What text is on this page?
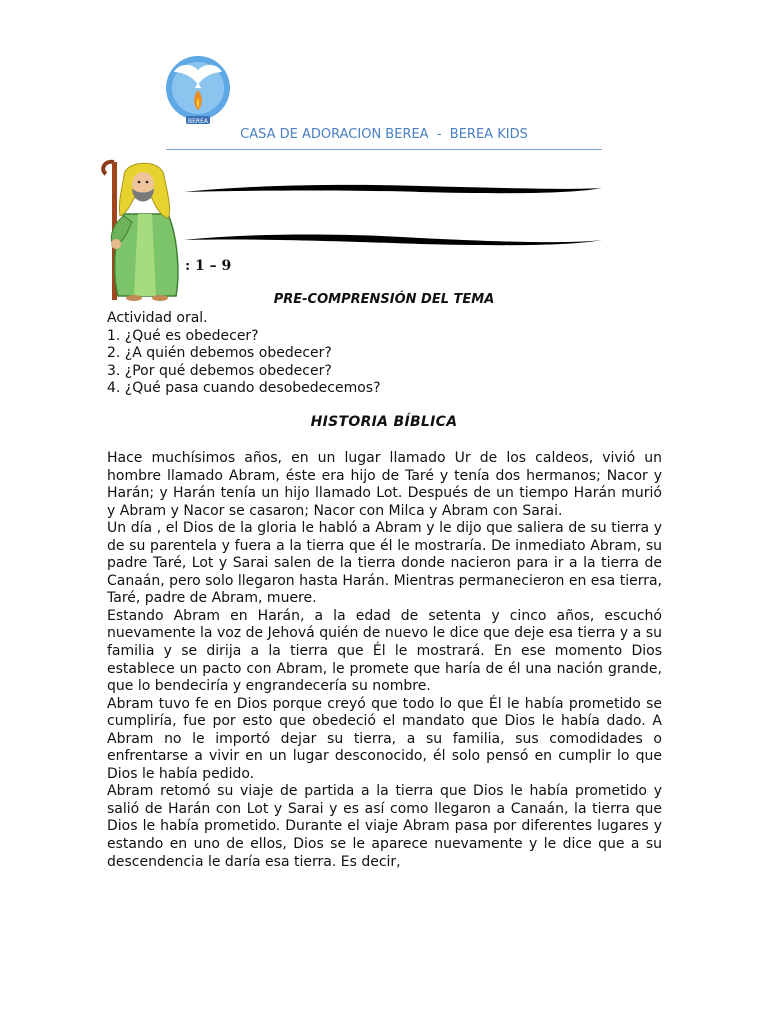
BEREA
CASA DE ADORACION BEREA  -  BEREA KIDS
: 1 – 9
PRE-COMPRENSIÓN DEL TEMA
Actividad oral.
1. ¿Qué es obedecer?
2. ¿A quién debemos obedecer?
3. ¿Por qué debemos obedecer?
4. ¿Qué pasa cuando desobedecemos?
HISTORIA BÍBLICA

Hace muchísimos años, en un lugar llamado Ur de los caldeos, vivió un hombre llamado Abram, éste era hijo de Taré y tenía dos hermanos; Nacor y Harán; y Harán tenía un hijo llamado Lot. Después de un tiempo Harán murió y Abram y Nacor se casaron; Nacor con Milca y Abram con Sarai.

Un día , el Dios de la gloria le habló a Abram y le dijo que saliera de su tierra y de su parentela y fuera a la tierra que él le mostraría. De inmediato Abram, su padre Taré, Lot y Sarai salen de la tierra donde nacieron para ir a la tierra de Canaán, pero solo llegaron hasta Harán. Mientras permanecieron en esa tierra, Taré, padre de Abram, muere.

Estando Abram en Harán, a la edad de setenta y cinco años, escuchó nuevamente la voz de Jehová quién de nuevo le dice que deje esa tierra y a su familia y se dirija a la tierra que Él le mostrará. En ese momento Dios establece un pacto con Abram, le promete que haría de él una nación grande, que lo bendeciría y engrandecería su nombre.

Abram tuvo fe en Dios porque creyó que todo lo que Él le había prometido se cumpliría, fue por esto que obedeció el mandato que Dios le había dado. A Abram no le importó dejar su tierra, a su familia, sus comodidades o enfrentarse a vivir en un lugar desconocido, él solo pensó en cumplir lo que Dios le había pedido.

Abram retomó su viaje de partida a la tierra que Dios le había prometido y salió de Harán con Lot y Sarai y es así como llegaron a Canaán, la tierra que Dios le había prometido. Durante el viaje Abram pasa por diferentes lugares y estando en uno de ellos, Dios se le aparece nuevamente y le dice que a su descendencia le daría esa tierra. Es decir,
